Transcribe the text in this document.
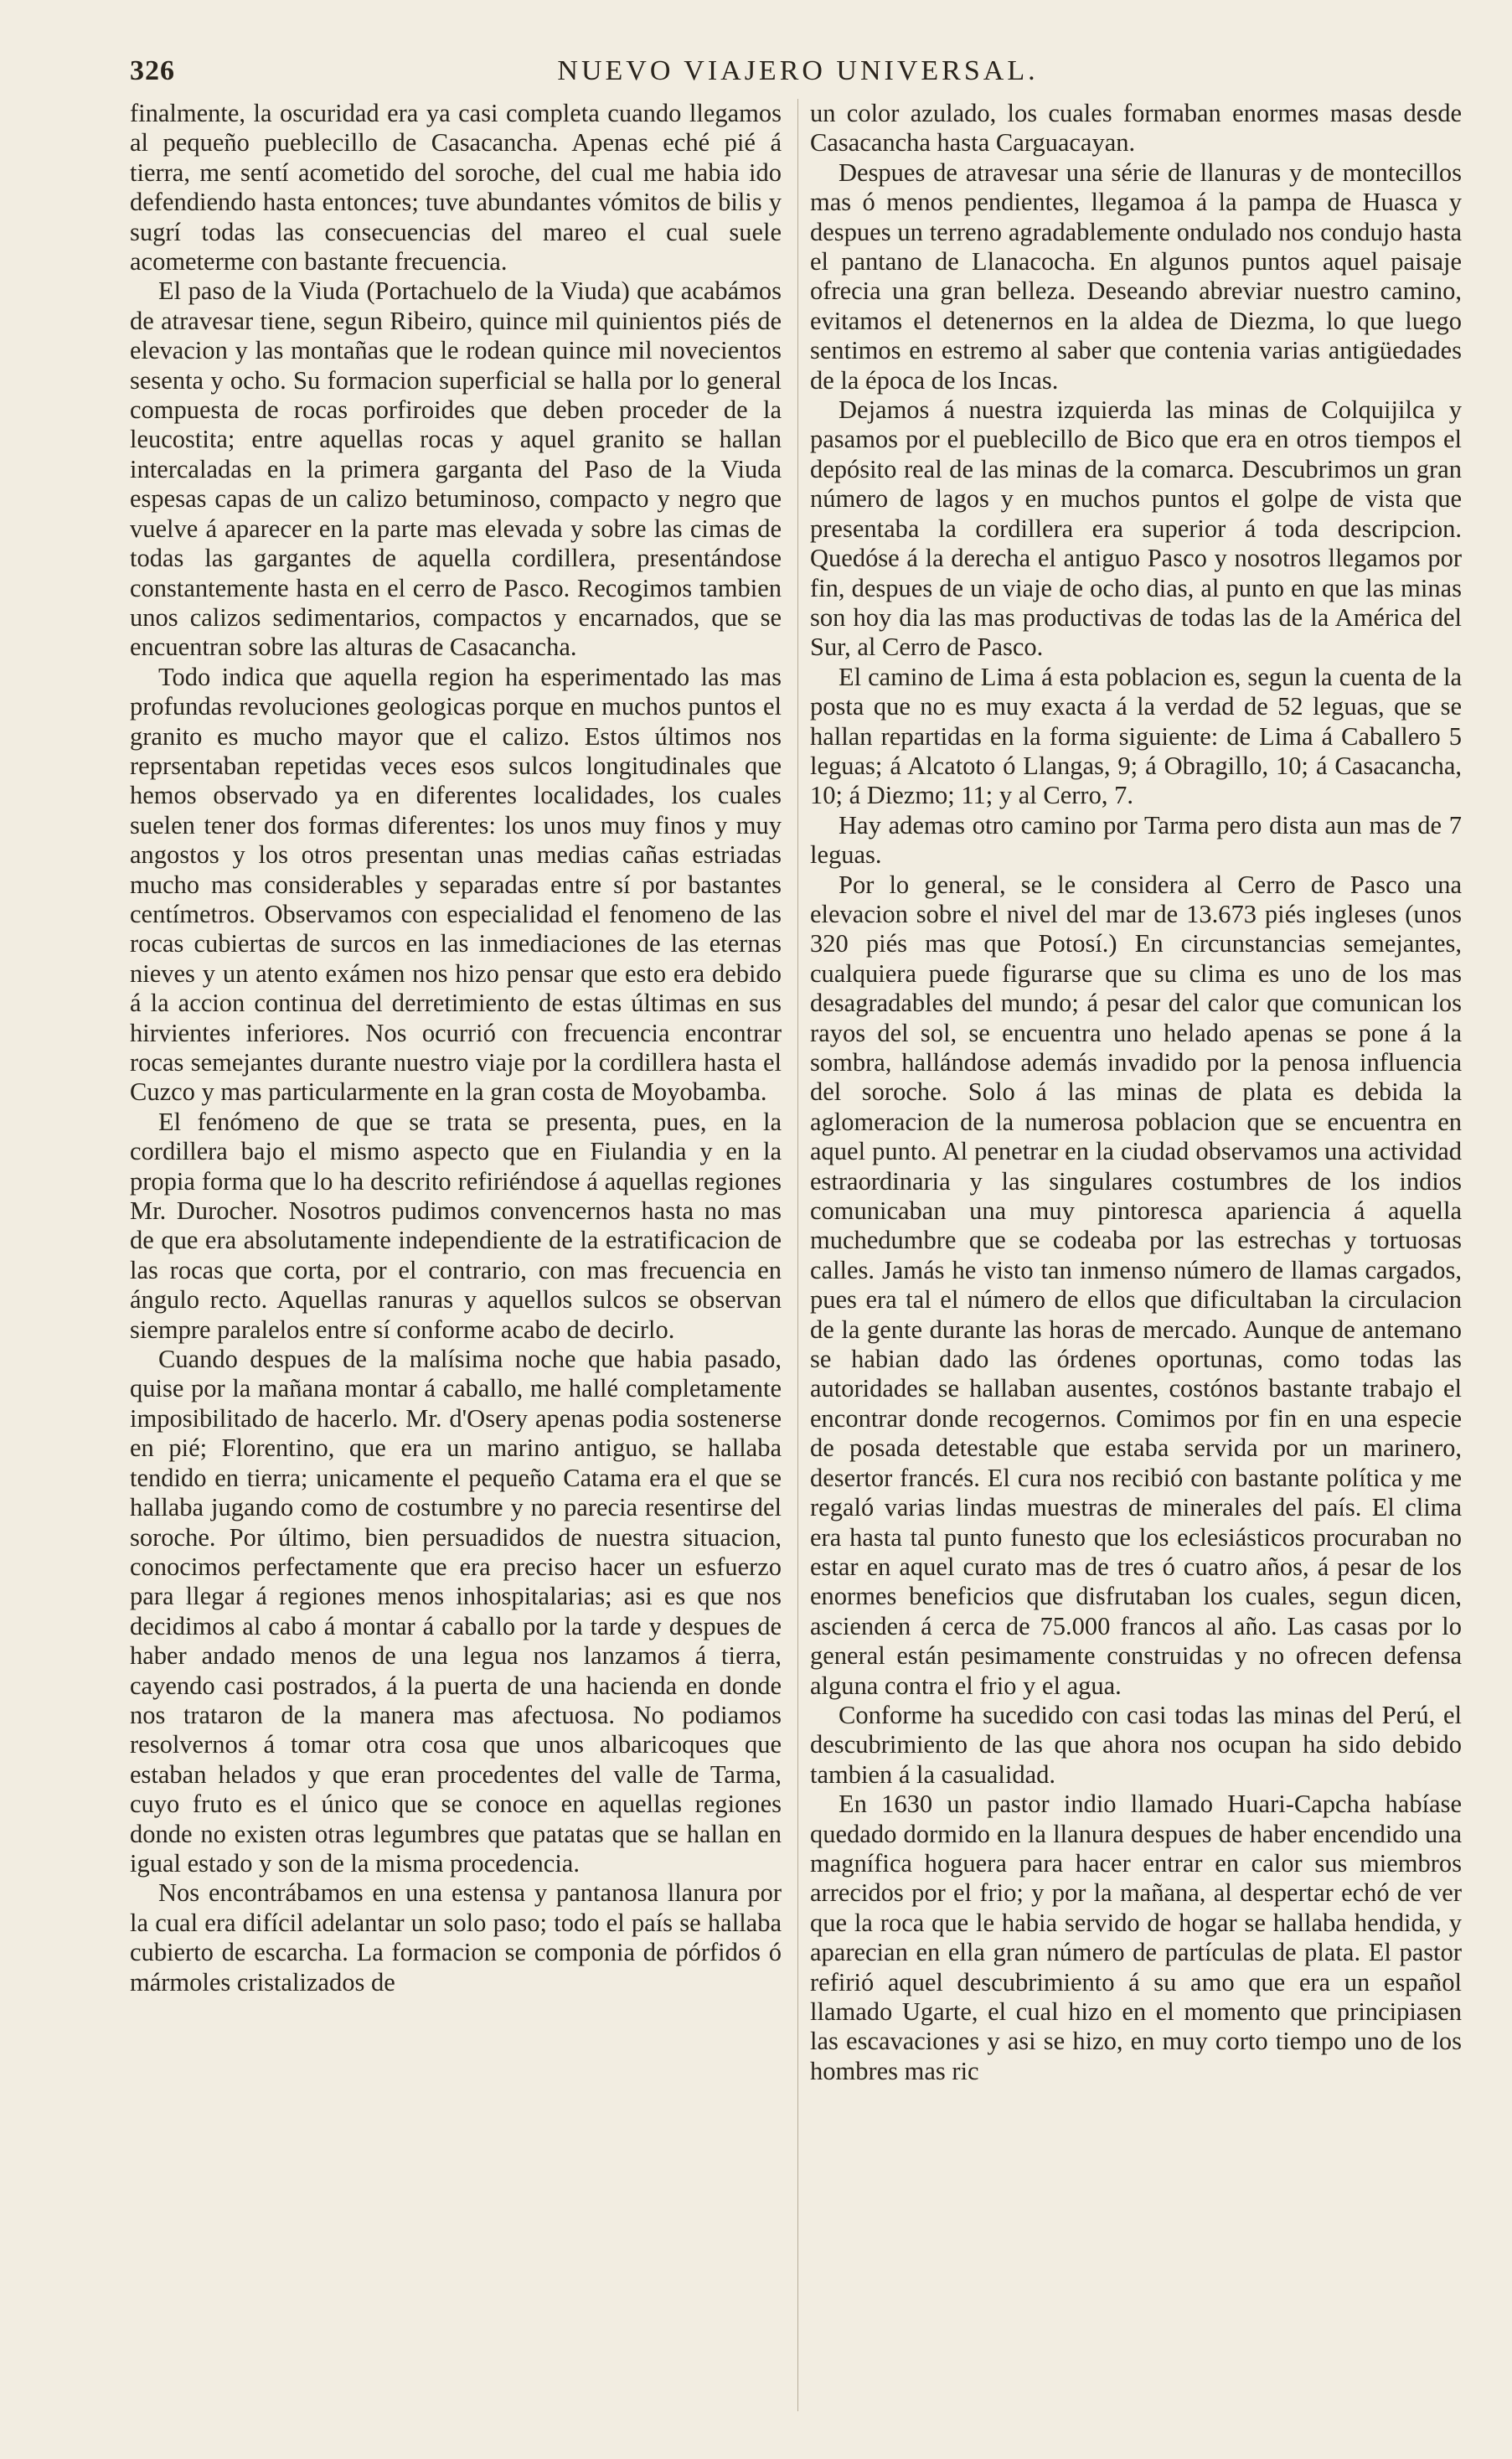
326	NUEVO VIAJERO UNIVERSAL.

finalmente, la oscuridad era ya casi completa cuando llegamos al pequeño pueblecillo de Casacancha. Apenas eché pié á tierra, me sentí acometido del soroche, del cual me habia ido defendiendo hasta entonces; tuve abundantes vómitos de bilis y sugrí todas las consecuencias del mareo el cual suele acometerme con bastante frecuencia.

El paso de la Viuda (Portachuelo de la Viuda) que acabámos de atravesar tiene, segun Ribeiro, quince mil quinientos piés de elevacion y las montañas que le rodean quince mil novecientos sesenta y ocho. Su formacion superficial se halla por lo general compuesta de rocas porfiroides que deben proceder de la leucostita; entre aquellas rocas y aquel granito se hallan intercaladas en la primera garganta del Paso de la Viuda espesas capas de un calizo betuminoso, compacto y negro que vuelve á aparecer en la parte mas elevada y sobre las cimas de todas las gargantes de aquella cordillera, presentándose constantemente hasta en el cerro de Pasco. Recogimos tambien unos calizos sedimentarios, compactos y encarnados, que se encuentran sobre las alturas de Casacancha.

Todo indica que aquella region ha esperimentado las mas profundas revoluciones geologicas porque en muchos puntos el granito es mucho mayor que el calizo. Estos últimos nos reprsentaban repetidas veces esos sulcos longitudinales que hemos observado ya en diferentes localidades, los cuales suelen tener dos formas diferentes: los unos muy finos y muy angostos y los otros presentan unas medias cañas estriadas mucho mas considerables y separadas entre sí por bastantes centímetros. Observamos con especialidad el fenomeno de las rocas cubiertas de surcos en las inmediaciones de las eternas nieves y un atento exámen nos hizo pensar que esto era debido á la accion continua del derretimiento de estas últimas en sus hirvientes inferiores. Nos ocurrió con frecuencia encontrar rocas semejantes durante nuestro viaje por la cordillera hasta el Cuzco y mas particularmente en la gran costa de Moyobamba.

El fenómeno de que se trata se presenta, pues, en la cordillera bajo el mismo aspecto que en Fiulandia y en la propia forma que lo ha descrito refiriéndose á aquellas regiones Mr. Durocher. Nosotros pudimos convencernos hasta no mas de que era absolutamente independiente de la estratificacion de las rocas que corta, por el contrario, con mas frecuencia en ángulo recto. Aquellas ranuras y aquellos sulcos se observan siempre paralelos entre sí conforme acabo de decirlo.

Cuando despues de la malísima noche que habia pasado, quise por la mañana montar á caballo, me hallé completamente imposibilitado de hacerlo. Mr. d'Osery apenas podia sostenerse en pié; Florentino, que era un marino antiguo, se hallaba tendido en tierra; unicamente el pequeño Catama era el que se hallaba jugando como de costumbre y no parecia resentirse del soroche. Por último, bien persuadidos de nuestra situacion, conocimos perfectamente que era preciso hacer un esfuerzo para llegar á regiones menos inhospitalarias; asi es que nos decidimos al cabo á montar á caballo por la tarde y despues de haber andado menos de una legua nos lanzamos á tierra, cayendo casi postrados, á la puerta de una hacienda en donde nos trataron de la manera mas afectuosa. No podiamos resolvernos á tomar otra cosa que unos albaricoques que estaban helados y que eran procedentes del valle de Tarma, cuyo fruto es el único que se conoce en aquellas regiones donde no existen otras legumbres que patatas que se hallan en igual estado y son de la misma procedencia.

Nos encontrábamos en una estensa y pantanosa llanura por la cual era difícil adelantar un solo paso; todo el país se hallaba cubierto de escarcha. La formacion se componia de pórfidos ó mármoles cristalizados de

un color azulado, los cuales formaban enormes masas desde Casacancha hasta Carguacayan.

Despues de atravesar una série de llanuras y de montecillos mas ó menos pendientes, llegamoa á la pampa de Huasca y despues un terreno agradablemente ondulado nos condujo hasta el pantano de Llanacocha. En algunos puntos aquel paisaje ofrecia una gran belleza. Deseando abreviar nuestro camino, evitamos el detenernos en la aldea de Diezma, lo que luego sentimos en estremo al saber que contenia varias antigüedades de la época de los Incas.

Dejamos á nuestra izquierda las minas de Colquijilca y pasamos por el pueblecillo de Bico que era en otros tiempos el depósito real de las minas de la comarca. Descubrimos un gran número de lagos y en muchos puntos el golpe de vista que presentaba la cordillera era superior á toda descripcion. Quedóse á la derecha el antiguo Pasco y nosotros llegamos por fin, despues de un viaje de ocho dias, al punto en que las minas son hoy dia las mas productivas de todas las de la América del Sur, al Cerro de Pasco.

El camino de Lima á esta poblacion es, segun la cuenta de la posta que no es muy exacta á la verdad de 52 leguas, que se hallan repartidas en la forma siguiente: de Lima á Caballero 5 leguas; á Alcatoto ó Llangas, 9; á Obragillo, 10; á Casacancha, 10; á Diezmo; 11; y al Cerro, 7.

Hay ademas otro camino por Tarma pero dista aun mas de 7 leguas.

Por lo general, se le considera al Cerro de Pasco una elevacion sobre el nivel del mar de 13.673 piés ingleses (unos 320 piés mas que Potosí.) En circunstancias semejantes, cualquiera puede figurarse que su clima es uno de los mas desagradables del mundo; á pesar del calor que comunican los rayos del sol, se encuentra uno helado apenas se pone á la sombra, hallándose además invadido por la penosa influencia del soroche. Solo á las minas de plata es debida la aglomeracion de la numerosa poblacion que se encuentra en aquel punto. Al penetrar en la ciudad observamos una actividad estraordinaria y las singulares costumbres de los indios comunicaban una muy pintoresca apariencia á aquella muchedumbre que se codeaba por las estrechas y tortuosas calles. Jamás he visto tan inmenso número de llamas cargados, pues era tal el número de ellos que dificultaban la circulacion de la gente durante las horas de mercado. Aunque de antemano se habian dado las órdenes oportunas, como todas las autoridades se hallaban ausentes, costónos bastante trabajo el encontrar donde recogernos. Comimos por fin en una especie de posada detestable que estaba servida por un marinero, desertor francés. El cura nos recibió con bastante política y me regaló varias lindas muestras de minerales del país. El clima era hasta tal punto funesto que los eclesiásticos procuraban no estar en aquel curato mas de tres ó cuatro años, á pesar de los enormes beneficios que disfrutaban los cuales, segun dicen, ascienden á cerca de 75.000 francos al año. Las casas por lo general están pesimamente construidas y no ofrecen defensa alguna contra el frio y el agua.

Conforme ha sucedido con casi todas las minas del Perú, el descubrimiento de las que ahora nos ocupan ha sido debido tambien á la casualidad.

En 1630 un pastor indio llamado Huari-Capcha habíase quedado dormido en la llanura despues de haber encendido una magnífica hoguera para hacer entrar en calor sus miembros arrecidos por el frio; y por la mañana, al despertar echó de ver que la roca que le habia servido de hogar se hallaba hendida, y aparecian en ella gran número de partículas de plata. El pastor refirió aquel descubrimiento á su amo que era un español llamado Ugarte, el cual hizo en el momento que principiasen las escavaciones y asi se hizo, en muy corto tiempo uno de los hombres mas ric
